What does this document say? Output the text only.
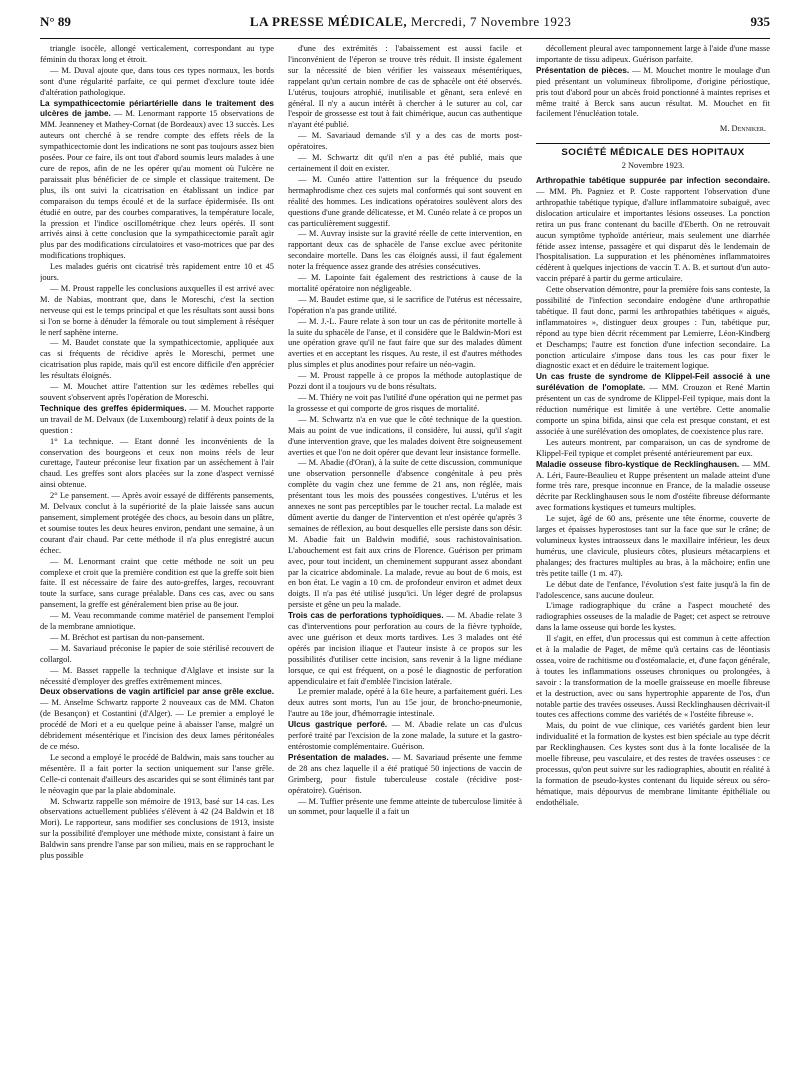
N° 89	LA PRESSE MÉDICALE, Mercredi, 7 Novembre 1923	935

triangle isocèle, allongé verticalement, correspondant au type féminin du thorax long et étroit.

— M. Duval ajoute que, dans tous ces types normaux, les bords sont d'une régularité parfaite, ce qui permet d'exclure toute idée d'altération pathologique.

La sympathicectomie périartérielle dans le traitement des ulcères de jambe. — M. Lenormant rapporte 15 observations de MM. Jeanneney et Mathey-Cornat (de Bordeaux) avec 13 succès. Les auteurs ont cherché à se rendre compte des effets réels de la sympathicectomie dont les indications ne sont pas toujours assez bien posées. Pour ce faire, ils ont tout d'abord soumis leurs malades à une cure de repos, afin de ne les opérer qu'au moment où l'ulcère ne paraissait plus bénéficier de ce simple et classique traitement. De plus, ils ont suivi la cicatrisation en établissant un indice par comparaison du temps écoulé et de la surface épidermisée. Ils ont étudié en outre, par des courbes comparatives, la température locale, la pression et l'indice oscillométrique chez leurs opérés. Il sont arrivés ainsi à cette conclusion que la sympathicectomie paraît agir plus par des modifications circulatoires et vaso-motrices que par des modifications trophiques.

Les malades guéris ont cicatrisé très rapidement entre 10 et 45 jours.

— M. Proust rappelle les conclusions auxquelles il est arrivé avec M. de Nabias, montrant que, dans le Moreschi, c'est la section nerveuse qui est le temps principal et que les résultats sont aussi bons si l'on se borne à dénuder la fémorale ou tout simplement à réséquer le nerf saphène interne.

— M. Baudet constate que la sympathicectomie, appliquée aux cas si fréquents de récidive après le Moreschi, permet une cicatrisation plus rapide, mais qu'il est encore difficile d'en apprécier les résultats éloignés.

— M. Mouchet attire l'attention sur les œdèmes rebelles qui souvent s'observent après l'opération de Moreschi.

Technique des greffes épidermiques. — M. Mouchet rapporte un travail de M. Delvaux (de Luxembourg) relatif à deux points de la question :

1° La technique. — Etant donné les inconvénients de la conservation des bourgeons et ceux non moins réels de leur curettage, l'auteur préconise leur fixation par un asséchement à l'air chaud. Les greffes sont alors placées sur la zone d'aspect vernissé ainsi obtenue.

2° Le pansement. — Après avoir essayé de différents pansements, M. Delvaux conclut à la supériorité de la plaie laissée sans aucun pansement, simplement protégée des chocs, au besoin dans un plâtre, et soumise toutes les deux heures environ, pendant une semaine, à un courant d'air chaud. Par cette méthode il n'a plus enregistré aucun échec.

— M. Lenormant craint que cette méthode ne soit un peu complexe et croit que la première condition est que la greffe soit bien faite. Il est nécessaire de faire des auto-greffes, larges, recouvrant toute la surface, sans curage préalable. Dans ces cas, avec ou sans pansement, la greffe est généralement bien prise au 8e jour.

— M. Veau recommande comme matériel de pansement l'emploi de la membrane amniotique.

— M. Bréchot est partisan du non-pansement.

— M. Savariaud préconise le papier de soie stérilisé recouvert de collargol.

— M. Basset rappelle la technique d'Alglave et insiste sur la nécessité d'employer des greffes extrêmement minces.

Deux observations de vagin artificiel par anse grêle exclue. — M. Anselme Schwartz rapporte 2 nouveaux cas de MM. Chaton (de Besançon) et Costantini (d'Alger). — Le premier a employé le procédé de Mori et a eu quelque peine à abaisser l'anse, malgré un débridement mésentérique et l'incision des deux lames péritonéales de ce méso.

Le second a employé le procédé de Baldwin, mais sans toucher au mésentère. Il a fait porter la section uniquement sur l'anse grêle. Celle-ci contenait d'ailleurs des ascarides qui se sont éliminés tant par le néovagin que par la plaie abdominale.

M. Schwartz rappelle son mémoire de 1913, basé sur 14 cas. Les observations actuellement publiées s'élèvent à 42 (24 Baldwin et 18 Mori). Le rapporteur, sans modifier ses conclusions de 1913, insiste sur la possibilité d'employer une méthode mixte, consistant à faire un Baldwin sans prendre l'anse par son milieu, mais en se rapprochant le plus possible

d'une des extrémités : l'abaissement est aussi facile et l'inconvénient de l'éperon se trouve très réduit. Il insiste également sur la nécessité de bien vérifier les vaisseaux mésentériques, rappelant qu'un certain nombre de cas de sphacèle ont été observés. L'utérus, toujours atrophié, inutilisable et gênant, sera enlevé en général. Il n'y a aucun intérêt à chercher à le suturer au col, car l'espoir de grossesse est tout à fait chimérique, aucun cas authentique n'ayant été publié.

— M. Savariaud demande s'il y a des cas de morts post-opératoires.

— M. Schwartz dit qu'il n'en a pas été publié, mais que certainement il doit en exister.

— M. Cunéo attire l'attention sur la fréquence du pseudo hermaphrodisme chez ces sujets mal conformés qui sont souvent en réalité des hommes. Les indications opératoires soulèvent alors des questions d'une grande délicatesse, et M. Cunéo relate à ce propos un cas particulièrement suggestif.

— M. Auvray insiste sur la gravité réelle de cette intervention, en rapportant deux cas de sphacèle de l'anse exclue avec péritonite secondaire mortelle. Dans les cas éloignés aussi, il faut également noter la fréquence assez grande des atrésies consécutives.

— M. Lapointe fait également des restrictions à cause de la mortalité opératoire non négligeable.

— M. Baudet estime que, si le sacrifice de l'utérus est nécessaire, l'opération n'a pas grande utilité.

— M. J.-L. Faure relate à son tour un cas de péritonite mortelle à la suite du sphacèle de l'anse, et il considère que le Baldwin-Mori est une opération grave qu'il ne faut faire que sur des malades dûment averties et en acceptant les risques. Au reste, il est d'autres méthodes plus simples et plus anodines pour refaire un néo-vagin.

— M. Proust rappelle à ce propos la méthode autoplastique de Pozzi dont il a toujours vu de bons résultats.

— M. Thiéry ne voit pas l'utilité d'une opération qui ne permet pas la grossesse et qui comporte de gros risques de mortalité.

— M. Schwartz n'a en vue que le côté technique de la question. Mais au point de vue indications, il considère, lui aussi, qu'il s'agit d'une intervention grave, que les malades doivent être soigneusement averties et que l'on ne doit opérer que devant leur insistance formelle.

— M. Abadie (d'Oran), à la suite de cette discussion, communique une observation personnelle d'absence congénitale à peu près complète du vagin chez une femme de 21 ans, non réglée, mais présentant tous les mois des poussées congestives. L'utérus et les annexes ne sont pas perceptibles par le toucher rectal. La malade est dûment avertie du danger de l'intervention et n'est opérée qu'après 3 semaines de réflexion, au bout desquelles elle persiste dans son désir. M. Abadie fait un Baldwin modifié, sous rachistovaïnisation. L'abouchement est fait aux crins de Florence. Guérison per primam avec, pour tout incident, un cheminement suppurant assez abondant par la cicatrice abdominale. La malade, revue au bout de 6 mois, est en bon état. Le vagin a 10 cm. de profondeur environ et admet deux doigts. Il n'a pas été utilisé jusqu'ici. Un léger degré de prolapsus persiste et gêne un peu la malade.

Trois cas de perforations typhoïdiques. — M. Abadie relate 3 cas d'interventions pour perforation au cours de la fièvre typhoïde, avec une guérison et deux morts tardives. Les 3 malades ont été opérés par incision iliaque et l'auteur insiste à ce propos sur les possibilités d'utiliser cette incision, sans revenir à la ligne médiane lorsque, ce qui est fréquent, on a posé le diagnostic de perforation appendiculaire et fait d'emblée l'incision latérale.

Le premier malade, opéré à la 61e heure, a parfaitement guéri. Les deux autres sont morts, l'un au 15e jour, de broncho-pneumonie, l'autre au 18e jour, d'hémorragie intestinale.

Ulcus gastrique perforé. — M. Abadie relate un cas d'ulcus perforé traité par l'excision de la zone malade, la suture et la gastro-entérostomie complémentaire. Guérison.

Présentation de malades. — M. Savariaud présente une femme de 28 ans chez laquelle il a été pratiqué 50 injections de vaccin de Grimberg, pour fistule tuberculeuse costale (récidive post-opératoire). Guérison.

— M. Tuffier présente une femme atteinte de tuberculose limitée à un sommet, pour laquelle il a fait un

décollement pleural avec tamponnement large à l'aide d'une masse importante de tissu adipeux. Guérison parfaite.

Présentation de pièces. — M. Mouchet montre le moulage d'un pied présentant un volumineux fibrolipome, d'origine périostique, pris tout d'abord pour un abcès froid ponctionné à maintes reprises et même traité à Berck sans aucun résultat. M. Mouchet en fit facilement l'énucléation totale.

M. Denniker.
SOCIÉTÉ MÉDICALE DES HOPITAUX
2 Novembre 1923.

Arthropathie tabétique suppurée par infection secondaire. — MM. Ph. Pagniez et P. Coste rapportent l'observation d'une arthropathie tabétique typique, d'allure inflammatoire subaiguë, avec dislocation articulaire et importantes lésions osseuses. La ponction retira un pus franc contenant du bacille d'Eberth. On ne retrouvait aucun symptôme typhoïde antérieur, mais seulement une diarrhée fétide assez intense, passagère et qui disparut dès le lendemain de l'hospitalisation. La suppuration et les phénomènes inflammatoires cédèrent à quelques injections de vaccin T. A. B. et surtout d'un auto-vaccin préparé à partir du germe articulaire.

Cette observation démontre, pour la première fois sans conteste, la possibilité de l'infection secondaire endogène d'une arthropathie tabétique. Il faut donc, parmi les arthropathies tabétiques « aiguës, inflammatoires », distinguer deux groupes : l'un, tabétique pur, répond au type bien décrit récemment par Lemierre, Léon-Kindberg et Deschamps; l'autre est fonction d'une infection secondaire. La ponction articulaire s'impose dans tous les cas pour fixer le diagnostic exact et en déduire le traitement logique.

Un cas fruste de syndrome de Klippel-Feil associé à une surélévation de l'omoplate. — MM. Crouzon et René Martin présentent un cas de syndrome de Klippel-Feil typique, mais dont la réduction numérique est limitée à une vertèbre. Cette anomalie comporte un spina bifida, ainsi que cela est presque constant, et est associée à une surélévation des omoplates, de coexistence plus rare.

Les auteurs montrent, par comparaison, un cas de syndrome de Klippel-Feil typique et complet présenté antérieurement par eux.

Maladie osseuse fibro-kystique de Recklinghausen. — MM. A. Léri, Faure-Beaulieu et Ruppe présentent un malade atteint d'une forme très rare, presque inconnue en France, de la maladie osseuse décrite par Recklinghausen sous le nom d'ostéite fibreuse déformante avec formations kystiques et tumeurs multiples.

Le sujet, âgé de 60 ans, présente une tête énorme, couverte de larges et épaisses hyperostoses tant sur la face que sur le crâne; de volumineux kystes intraosseux dans le maxillaire inférieur, les deux humérus, une clavicule, plusieurs côtes, plusieurs métacarpiens et phalanges; des fractures multiples au bras, à la mâchoire; enfin une très petite taille (1 m. 47).

Le début date de l'enfance, l'évolution s'est faite jusqu'à la fin de l'adolescence, sans aucune douleur.

L'image radiographique du crâne a l'aspect moucheté des radiographies osseuses de la maladie de Paget; cet aspect se retrouve dans la lame osseuse qui borde les kystes.

Il s'agit, en effet, d'un processus qui est commun à cette affection et à la maladie de Paget, de même qu'à certains cas de léontiasis ossea, voire de rachitisme ou d'ostéomalacie, et, d'une façon générale, à toutes les inflammations osseuses chroniques ou prolongées, à savoir : la transformation de la moelle graisseuse en moelle fibreuse et la destruction, avec ou sans hypertrophie apparente de l'os, d'un notable partie des travées osseuses. Aussi Recklinghausen décrivait-il toutes ces affections comme des variétés de « l'ostéite fibreuse ».

Mais, du point de vue clinique, ces variétés gardent bien leur individualité et la formation de kystes est bien spéciale au type décrit par Recklinghausen. Ces kystes sont dus à la fonte localisée de la moelle fibreuse, peu vasculaire, et des restes de travées osseuses : ce processus, qu'on peut suivre sur les radiographies, aboutit en réalité à la formation de pseudo-kystes contenant du liquide séreux ou séro-hématique, mais dépourvus de membrane limitante épithéliale ou endothéliale.
